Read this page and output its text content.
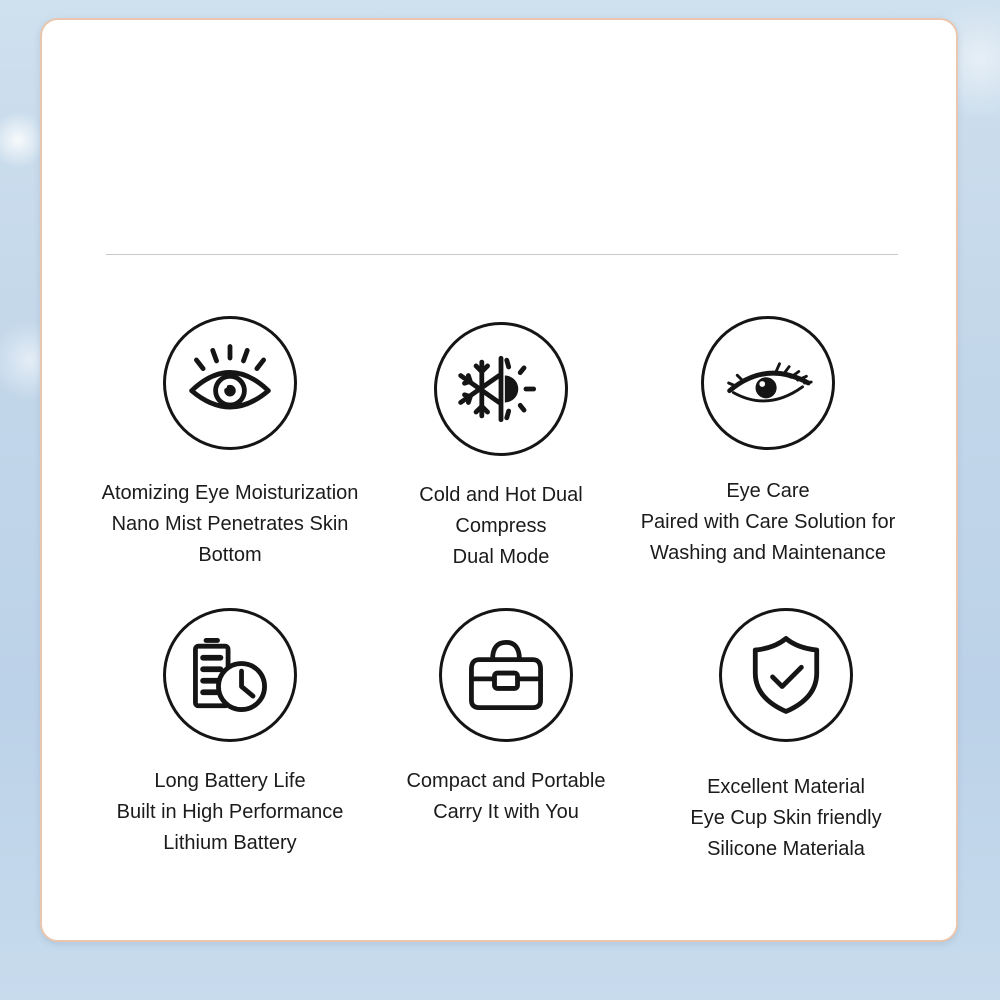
Atomizing Eye Moisturization
Nano Mist Penetrates Skin
Bottom
Cold and Hot Dual
Compress
Dual Mode
Eye Care
Paired with Care Solution for
Washing and Maintenance
Long Battery Life
Built in High Performance
Lithium Battery
Compact and Portable
Carry It with You
Excellent Material
Eye Cup Skin friendly
Silicone Materiala
